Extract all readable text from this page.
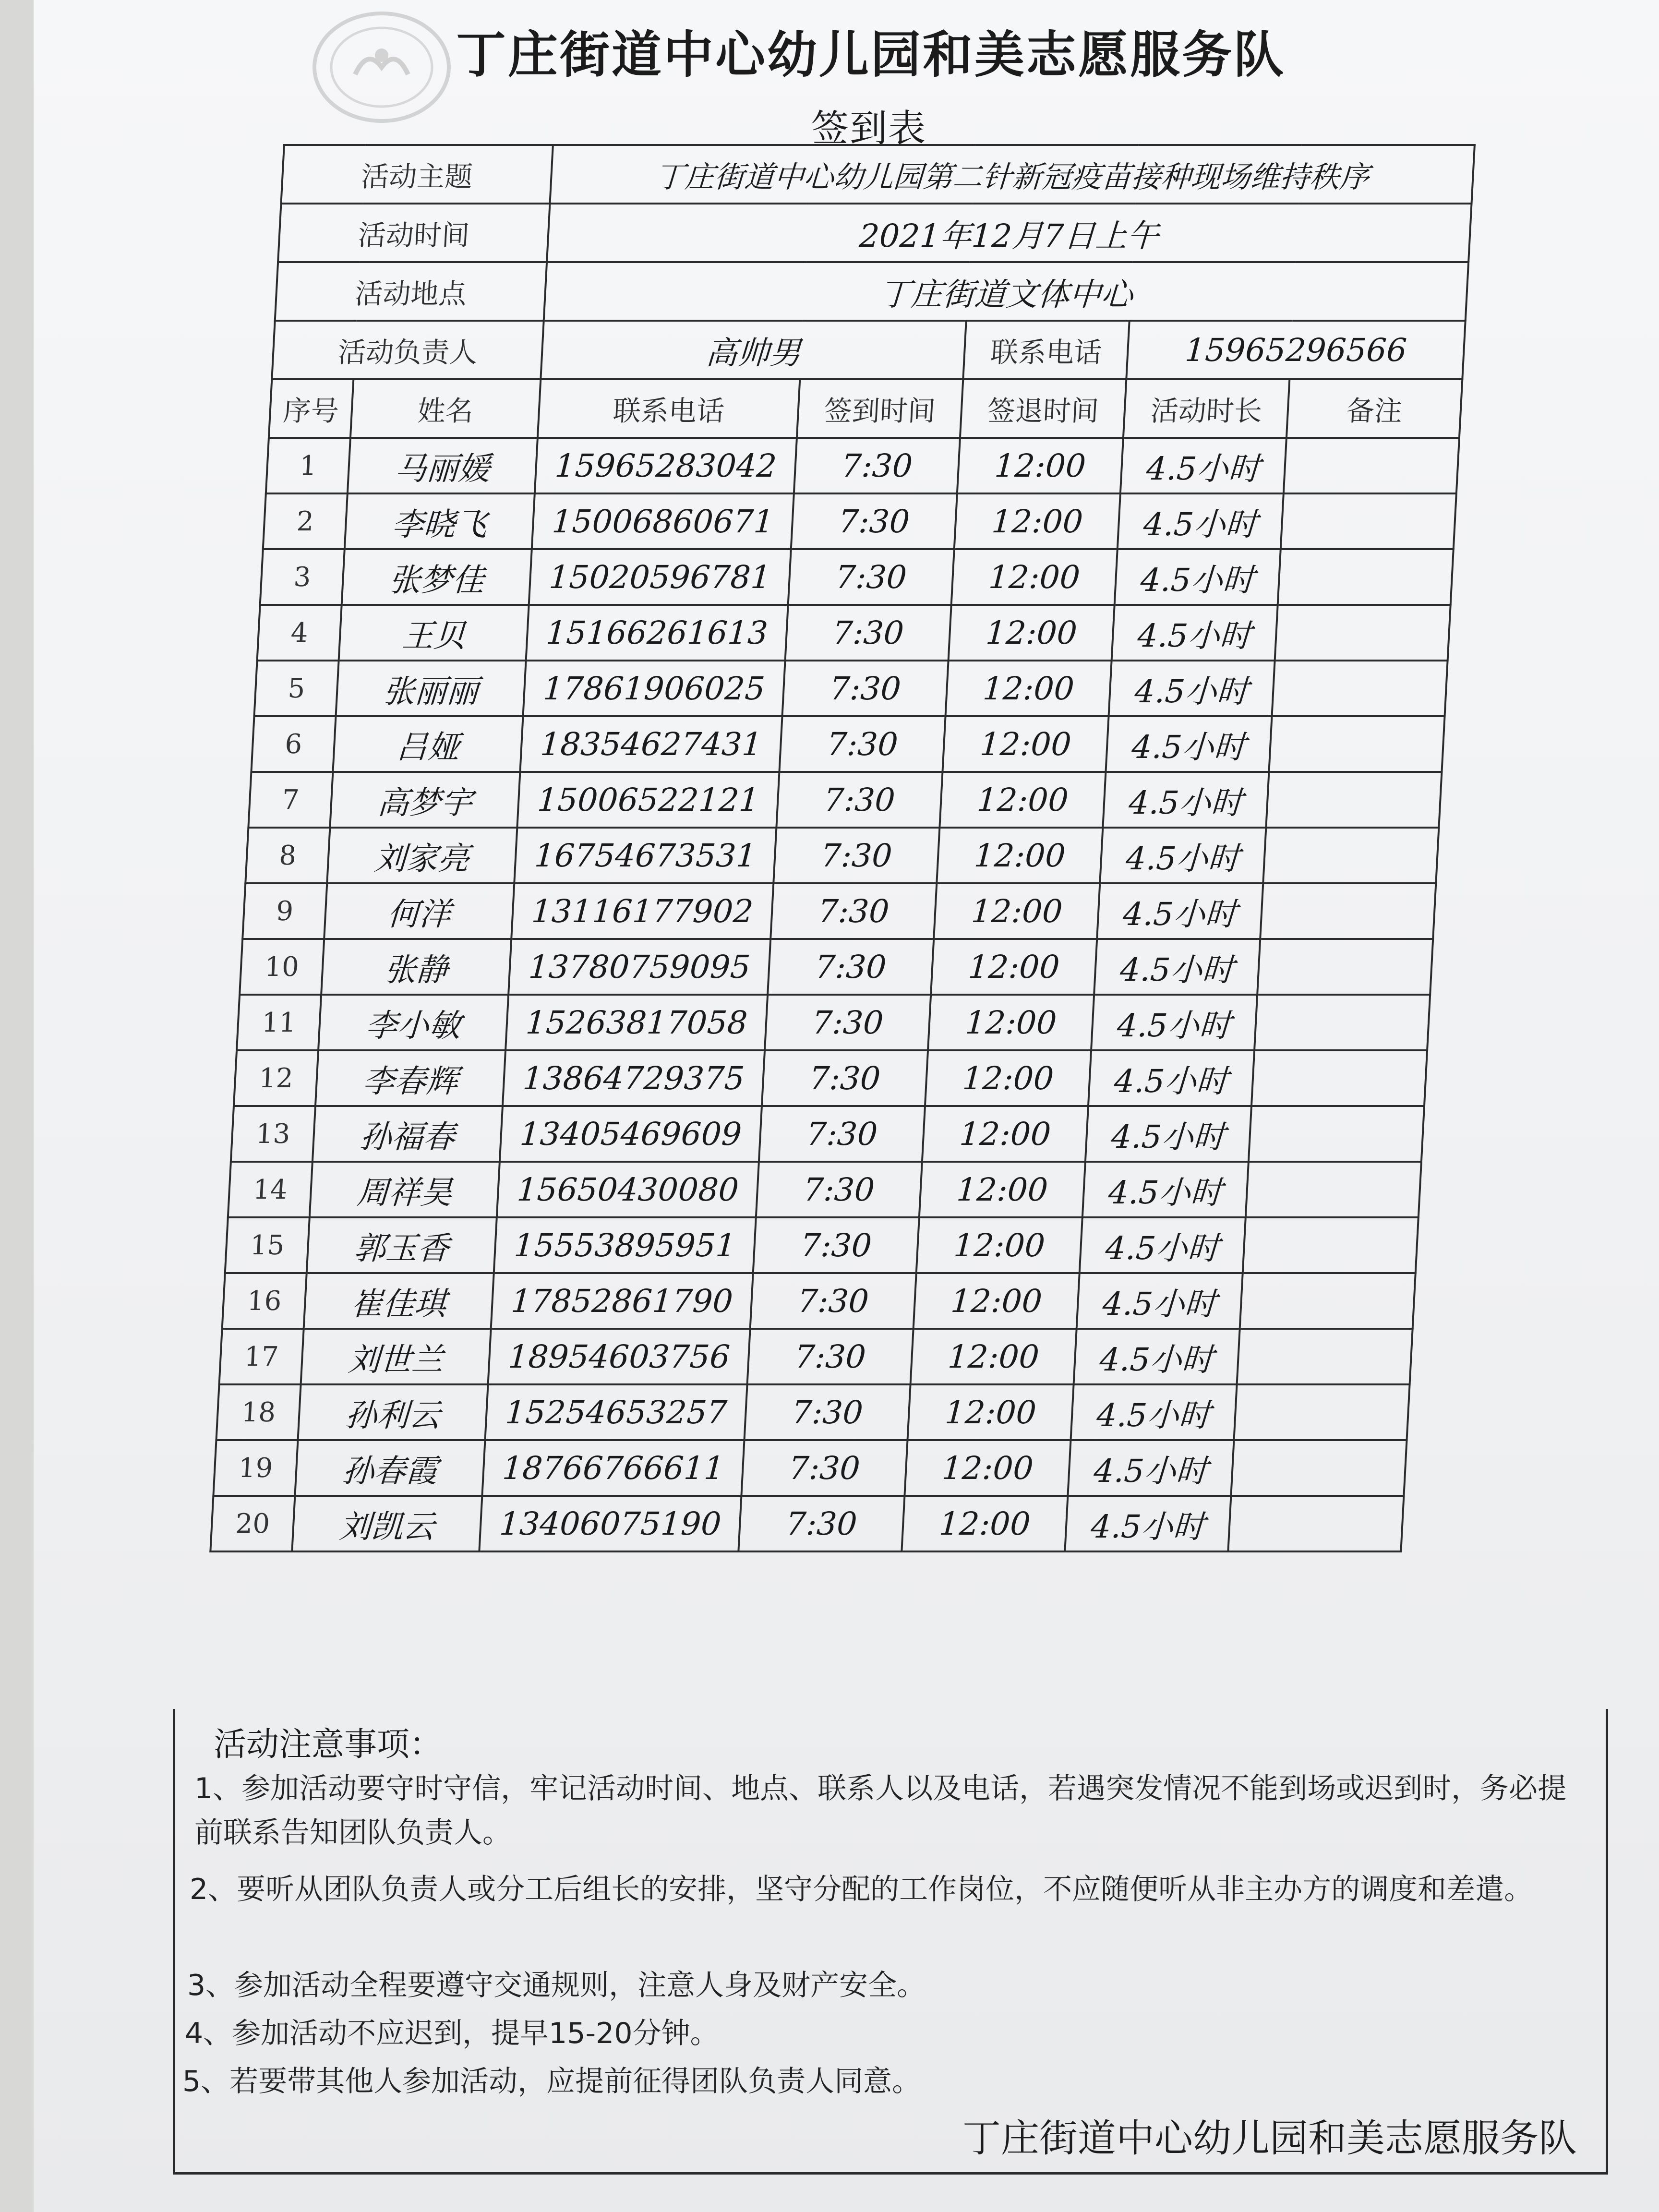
丁庄街道中心幼儿园和美志愿服务队
签到表
活动主题		丁庄街道中心幼儿园第二针新冠疫苗接种现场维持秩序				
活动时间		2021年12月7日上午				
活动地点		丁庄街道文体中心				
活动负责人		高帅男		联系电话	15965296566	
序号	姓名	联系电话	签到时间	签退时间	活动时长	备注
1	马丽媛	15965283042	7:30	12:00	4.5小时	
2	李晓飞	15006860671	7:30	12:00	4.5小时	
3	张梦佳	15020596781	7:30	12:00	4.5小时	
4	王贝	15166261613	7:30	12:00	4.5小时	
5	张丽丽	17861906025	7:30	12:00	4.5小时	
6	吕娅	18354627431	7:30	12:00	4.5小时	
7	高梦宇	15006522121	7:30	12:00	4.5小时	
8	刘家亮	16754673531	7:30	12:00	4.5小时	
9	何洋	13116177902	7:30	12:00	4.5小时	
10	张静	13780759095	7:30	12:00	4.5小时	
11	李小敏	15263817058	7:30	12:00	4.5小时	
12	李春辉	13864729375	7:30	12:00	4.5小时	
13	孙福春	13405469609	7:30	12:00	4.5小时	
14	周祥昊	15650430080	7:30	12:00	4.5小时	
15	郭玉香	15553895951	7:30	12:00	4.5小时	
16	崔佳琪	17852861790	7:30	12:00	4.5小时	
17	刘世兰	18954603756	7:30	12:00	4.5小时	
18	孙利云	15254653257	7:30	12:00	4.5小时	
19	孙春霞	18766766611	7:30	12:00	4.5小时	
20	刘凯云	13406075190	7:30	12:00	4.5小时	
活动注意事项：
1、参加活动要守时守信，牢记活动时间、地点、联系人以及电话，若遇突发情况不能到场或迟到时，务必提前联系告知团队负责人。
2、要听从团队负责人或分工后组长的安排，坚守分配的工作岗位，不应随便听从非主办方的调度和差遣。
3、参加活动全程要遵守交通规则，注意人身及财产安全。
4、参加活动不应迟到，提早15-20分钟。
5、若要带其他人参加活动，应提前征得团队负责人同意。
丁庄街道中心幼儿园和美志愿服务队
